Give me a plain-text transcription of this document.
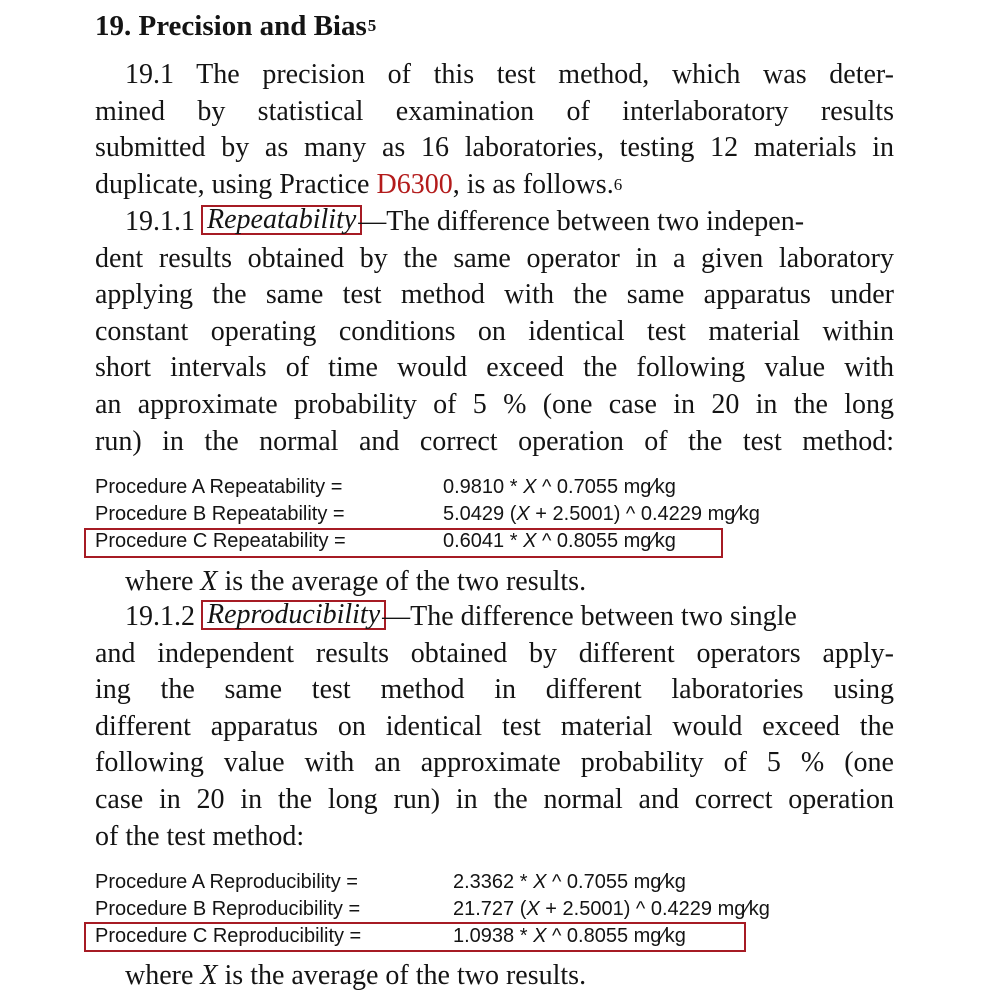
19. Precision and Bias$^5$
19.1 The precision of this test method, which was deter-
mined by statistical examination of interlaboratory results
submitted by as many as 16 laboratories, testing 12 materials in
duplicate, using Practice D6300, is as follows.$^6$
19.1.1 Repeatability—The difference between two indepen-
dent results obtained by the same operator in a given laboratory
applying the same test method with the same apparatus under
constant operating conditions on identical test material within
short intervals of time would exceed the following value with
an approximate probability of 5 % (one case in 20 in the long
run) in the normal and correct operation of the test method:
Procedure A Repeatability =	0.9810 * X ^ 0.7055 mg⁄kg
Procedure B Repeatability =	5.0429 (X + 2.5001) ^ 0.4229 mg⁄kg
Procedure C Repeatability =	0.6041 * X ^ 0.8055 mg⁄kg
where X is the average of the two results.
19.1.2 Reproducibility—The difference between two single
and independent results obtained by different operators apply-
ing the same test method in different laboratories using
different apparatus on identical test material would exceed the
following value with an approximate probability of 5 % (one
case in 20 in the long run) in the normal and correct operation
of the test method:
Procedure A Reproducibility =	2.3362 * X ^ 0.7055 mg⁄kg
Procedure B Reproducibility =	21.727 (X + 2.5001) ^ 0.4229 mg⁄kg
Procedure C Reproducibility =	1.0938 * X ^ 0.8055 mg⁄kg
where X is the average of the two results.
